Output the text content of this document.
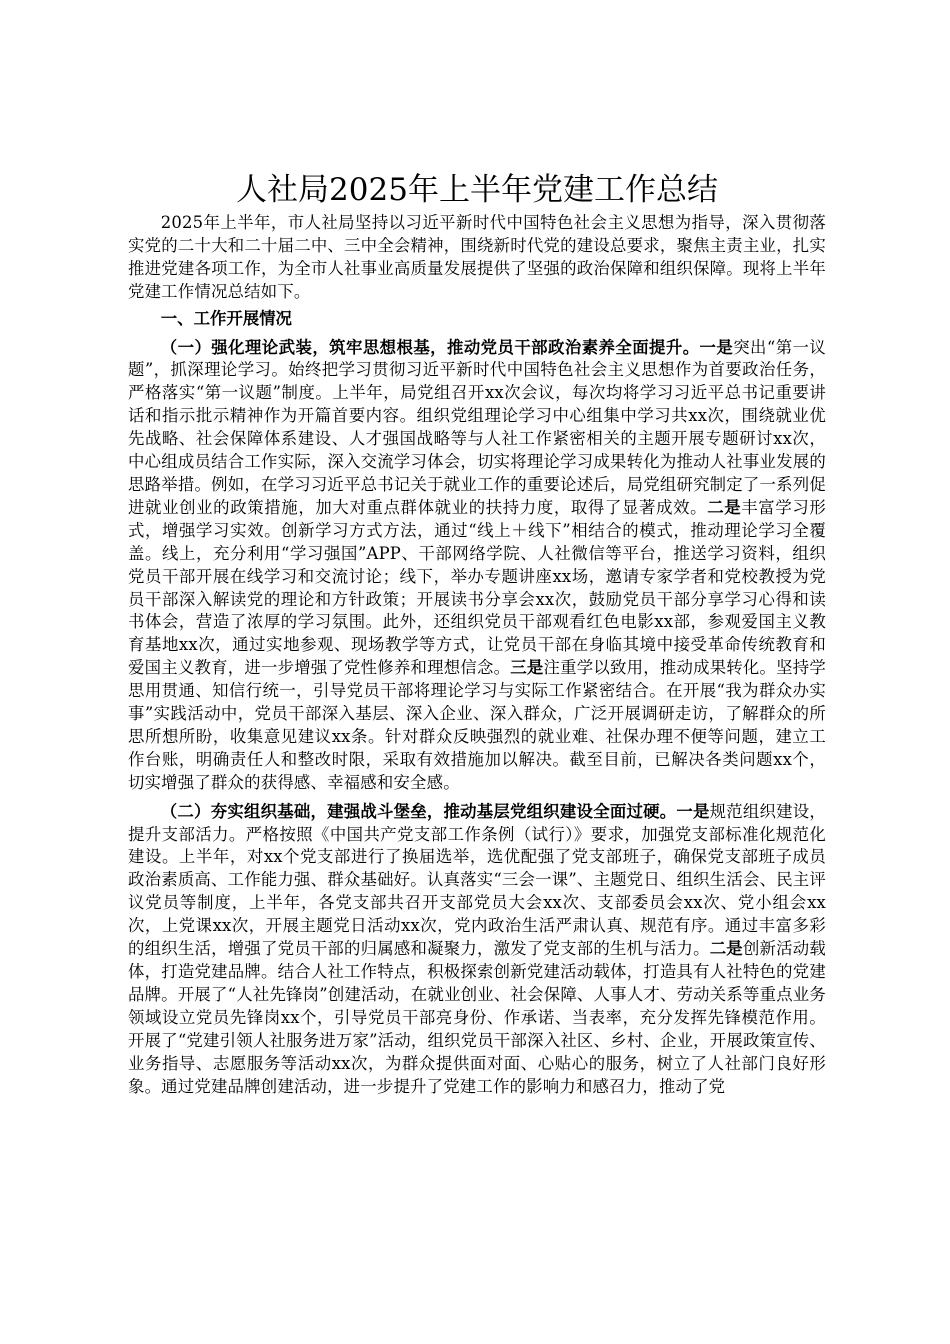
人社局2025年上半年党建工作总结

2025年上半年，市人社局坚持以习近平新时代中国特色社会主义思想为指导，深入贯彻落实党的二十大和二十届二中、三中全会精神，围绕新时代党的建设总要求，聚焦主责主业，扎实推进党建各项工作，为全市人社事业高质量发展提供了坚强的政治保障和组织保障。现将上半年党建工作情况总结如下。

一、工作开展情况

（一）强化理论武装，筑牢思想根基，推动党员干部政治素养全面提升。一是突出“第一议题”，抓深理论学习。始终把学习贯彻习近平新时代中国特色社会主义思想作为首要政治任务，严格落实“第一议题”制度。上半年，局党组召开xx次会议，每次均将学习习近平总书记重要讲话和指示批示精神作为开篇首要内容。组织党组理论学习中心组集中学习共xx次，围绕就业优先战略、社会保障体系建设、人才强国战略等与人社工作紧密相关的主题开展专题研讨xx次，中心组成员结合工作实际，深入交流学习体会，切实将理论学习成果转化为推动人社事业发展的思路举措。例如，在学习习近平总书记关于就业工作的重要论述后，局党组研究制定了一系列促进就业创业的政策措施，加大对重点群体就业的扶持力度，取得了显著成效。二是丰富学习形式，增强学习实效。创新学习方式方法，通过“线上＋线下”相结合的模式，推动理论学习全覆盖。线上，充分利用“学习强国”APP、干部网络学院、人社微信等平台，推送学习资料，组织党员干部开展在线学习和交流讨论；线下，举办专题讲座xx场，邀请专家学者和党校教授为党员干部深入解读党的理论和方针政策；开展读书分享会xx次，鼓励党员干部分享学习心得和读书体会，营造了浓厚的学习氛围。此外，还组织党员干部观看红色电影xx部，参观爱国主义教育基地xx次，通过实地参观、现场教学等方式，让党员干部在身临其境中接受革命传统教育和爱国主义教育，进一步增强了党性修养和理想信念。三是注重学以致用，推动成果转化。坚持学思用贯通、知信行统一，引导党员干部将理论学习与实际工作紧密结合。在开展“我为群众办实事”实践活动中，党员干部深入基层、深入企业、深入群众，广泛开展调研走访，了解群众的所思所想所盼，收集意见建议xx条。针对群众反映强烈的就业难、社保办理不便等问题，建立工作台账，明确责任人和整改时限，采取有效措施加以解决。截至目前，已解决各类问题xx个，切实增强了群众的获得感、幸福感和安全感。

（二）夯实组织基础，建强战斗堡垒，推动基层党组织建设全面过硬。一是规范组织建设，提升支部活力。严格按照《中国共产党支部工作条例（试行）》要求，加强党支部标准化规范化建设。上半年，对xx个党支部进行了换届选举，选优配强了党支部班子，确保党支部班子成员政治素质高、工作能力强、群众基础好。认真落实“三会一课”、主题党日、组织生活会、民主评议党员等制度，上半年，各党支部共召开支部党员大会xx次、支部委员会xx次、党小组会xx次，上党课xx次，开展主题党日活动xx次，党内政治生活严肃认真、规范有序。通过丰富多彩的组织生活，增强了党员干部的归属感和凝聚力，激发了党支部的生机与活力。二是创新活动载体，打造党建品牌。结合人社工作特点，积极探索创新党建活动载体，打造具有人社特色的党建品牌。开展了“人社先锋岗”创建活动，在就业创业、社会保障、人事人才、劳动关系等重点业务领域设立党员先锋岗xx个，引导党员干部亮身份、作承诺、当表率，充分发挥先锋模范作用。开展了“党建引领人社服务进万家”活动，组织党员干部深入社区、乡村、企业，开展政策宣传、业务指导、志愿服务等活动xx次，为群众提供面对面、心贴心的服务，树立了人社部门良好形象。通过党建品牌创建活动，进一步提升了党建工作的影响力和感召力，推动了党
